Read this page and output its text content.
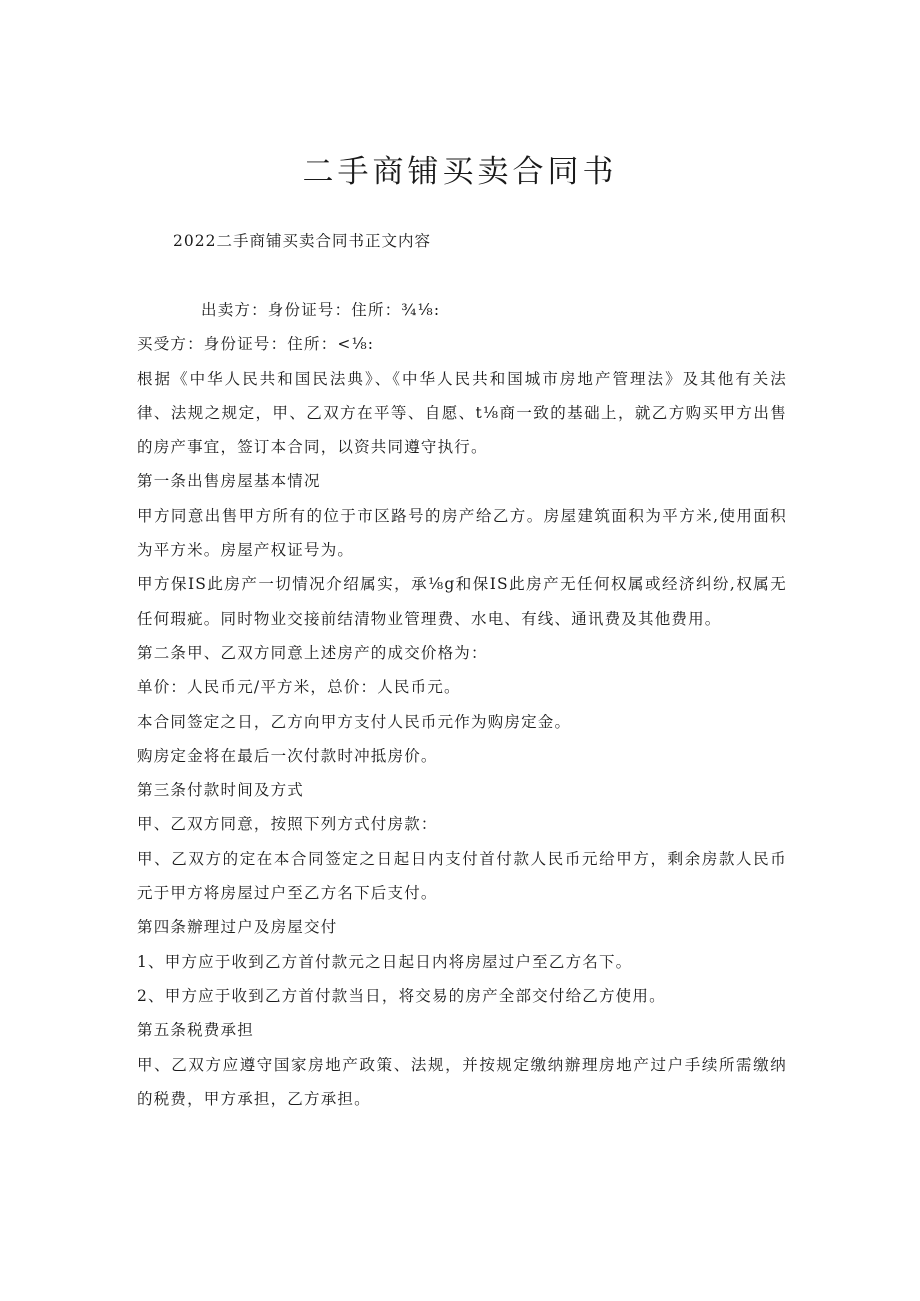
二手商铺买卖合同书
2022二手商铺买卖合同书正文内容

出卖方：身份证号：住所：¾⅛:

买受方：身份证号：住所：<⅛:

根据《中华人民共和国民法典》、《中华人民共和国城市房地产管理法》及其他有关法律、法规之规定，甲、乙双方在平等、自愿、t⅛商一致的基础上，就乙方购买甲方出售的房产事宜，签订本合同，以资共同遵守执行。

第一条出售房屋基本情况

甲方同意出售甲方所有的位于市区路号的房产给乙方。房屋建筑面积为平方米,使用面积为平方米。房屋产权证号为。

甲方保IS此房产一切情况介绍属实，承⅛g和保IS此房产无任何权属或经济纠纷,权属无任何瑕疵。同时物业交接前结清物业管理费、水电、有线、通讯费及其他费用。

第二条甲、乙双方同意上述房产的成交价格为：

单价：人民币元/平方米，总价：人民币元。

本合同签定之日，乙方向甲方支付人民币元作为购房定金。

购房定金将在最后一次付款时冲抵房价。

第三条付款时间及方式

甲、乙双方同意，按照下列方式付房款：

甲、乙双方的定在本合同签定之日起日内支付首付款人民币元给甲方，剩余房款人民币元于甲方将房屋过户至乙方名下后支付。

第四条辦理过户及房屋交付

1、甲方应于收到乙方首付款元之日起日内将房屋过户至乙方名下。

2、甲方应于收到乙方首付款当日，将交易的房产全部交付给乙方使用。

第五条税费承担

甲、乙双方应遵守国家房地产政策、法规，并按规定缴纳辦理房地产过户手续所需缴纳的税费，甲方承担，乙方承担。
